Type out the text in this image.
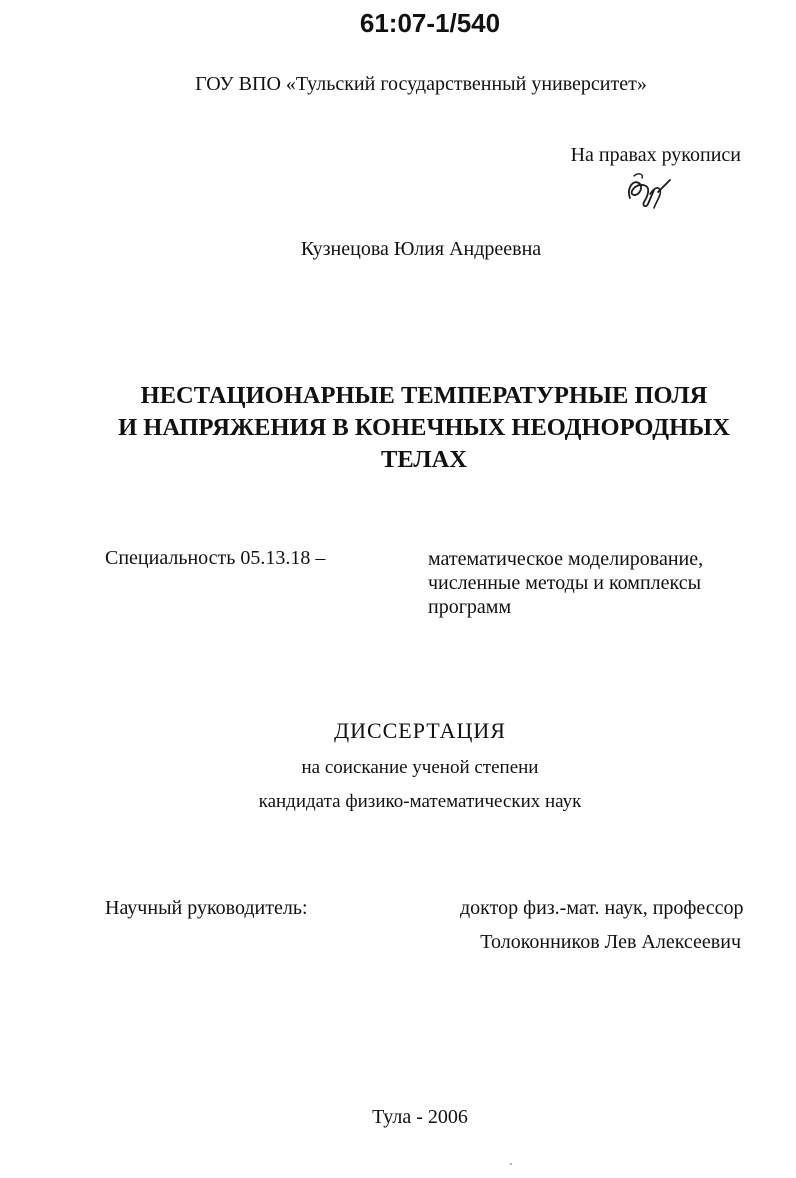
61:07-1/540
ГОУ ВПО «Тульский государственный университет»
На правах рукописи
Кузнецова Юлия Андреевна
НЕСТАЦИОНАРНЫЕ ТЕМПЕРАТУРНЫЕ ПОЛЯ
И НАПРЯЖЕНИЯ В КОНЕЧНЫХ НЕОДНОРОДНЫХ
ТЕЛАХ
Специальность 05.13.18 –	математическое моделирование,
численные методы и комплексы
программ
ДИССЕРТАЦИЯ
на соискание ученой степени
кандидата физико-математических наук
Научный руководитель:	доктор физ.-мат. наук, профессор
Толоконников Лев Алексеевич
Тула - 2006
